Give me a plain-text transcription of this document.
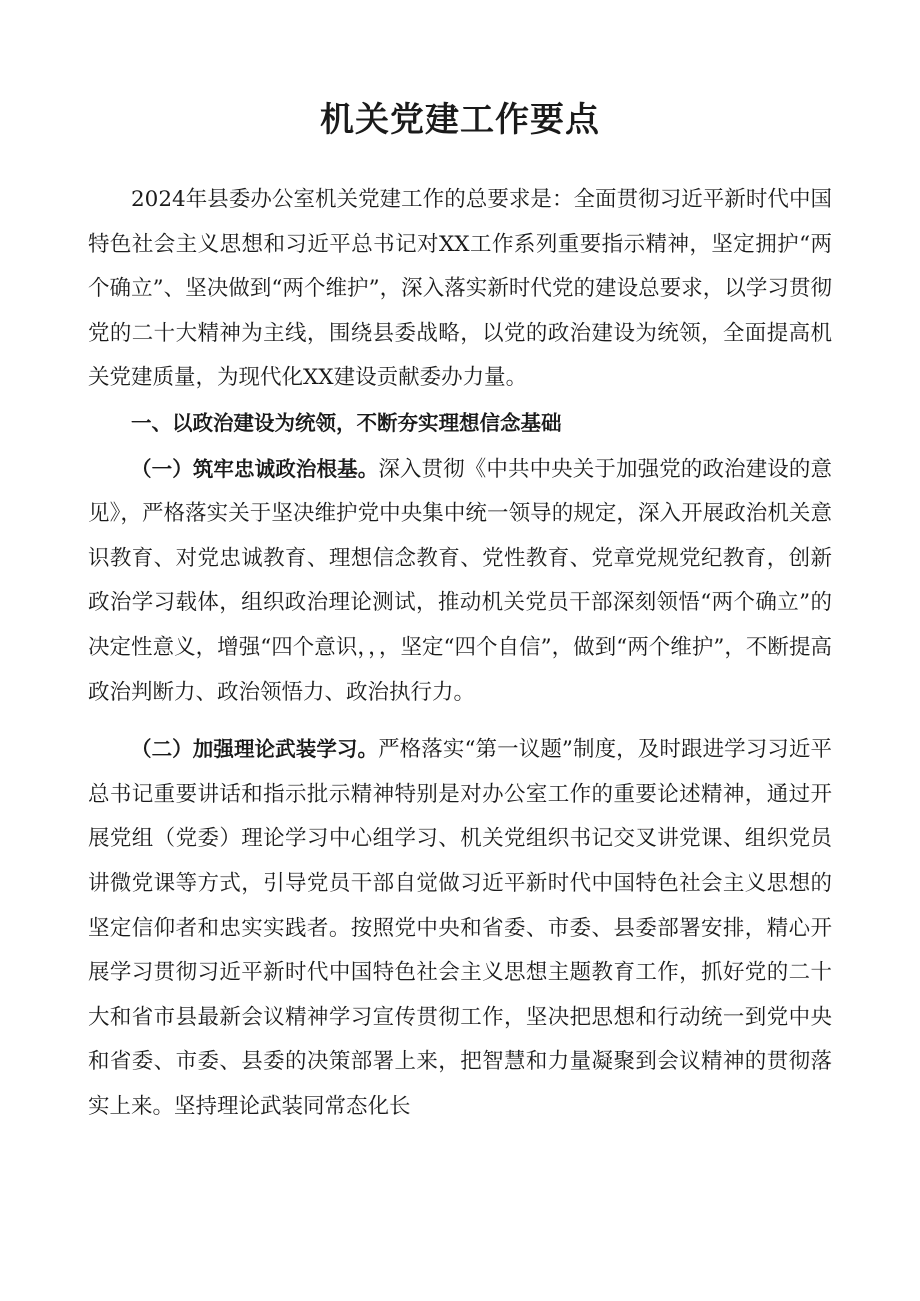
机关党建工作要点

2024年县委办公室机关党建工作的总要求是：全面贯彻习近平新时代中国特色社会主义思想和习近平总书记对XX工作系列重要指示精神，坚定拥护“两个确立”、坚决做到“两个维护”，深入落实新时代党的建设总要求，以学习贯彻党的二十大精神为主线，围绕县委战略，以党的政治建设为统领，全面提高机关党建质量，为现代化XX建设贡献委办力量。

一、以政治建设为统领，不断夯实理想信念基础

（一）筑牢忠诚政治根基。深入贯彻《中共中央关于加强党的政治建设的意见》，严格落实关于坚决维护党中央集中统一领导的规定，深入开展政治机关意识教育、对党忠诚教育、理想信念教育、党性教育、党章党规党纪教育，创新政治学习载体，组织政治理论测试，推动机关党员干部深刻领悟“两个确立”的决定性意义，增强“四个意识，，，坚定“四个自信”，做到“两个维护”，不断提高政治判断力、政治领悟力、政治执行力。

（二）加强理论武装学习。严格落实“第一议题”制度，及时跟进学习习近平总书记重要讲话和指示批示精神特别是对办公室工作的重要论述精神，通过开展党组（党委）理论学习中心组学习、机关党组织书记交叉讲党课、组织党员讲微党课等方式，引导党员干部自觉做习近平新时代中国特色社会主义思想的坚定信仰者和忠实实践者。按照党中央和省委、市委、县委部署安排，精心开展学习贯彻习近平新时代中国特色社会主义思想主题教育工作，抓好党的二十大和省市县最新会议精神学习宣传贯彻工作，坚决把思想和行动统一到党中央和省委、市委、县委的决策部署上来，把智慧和力量凝聚到会议精神的贯彻落实上来。坚持理论武装同常态化长
